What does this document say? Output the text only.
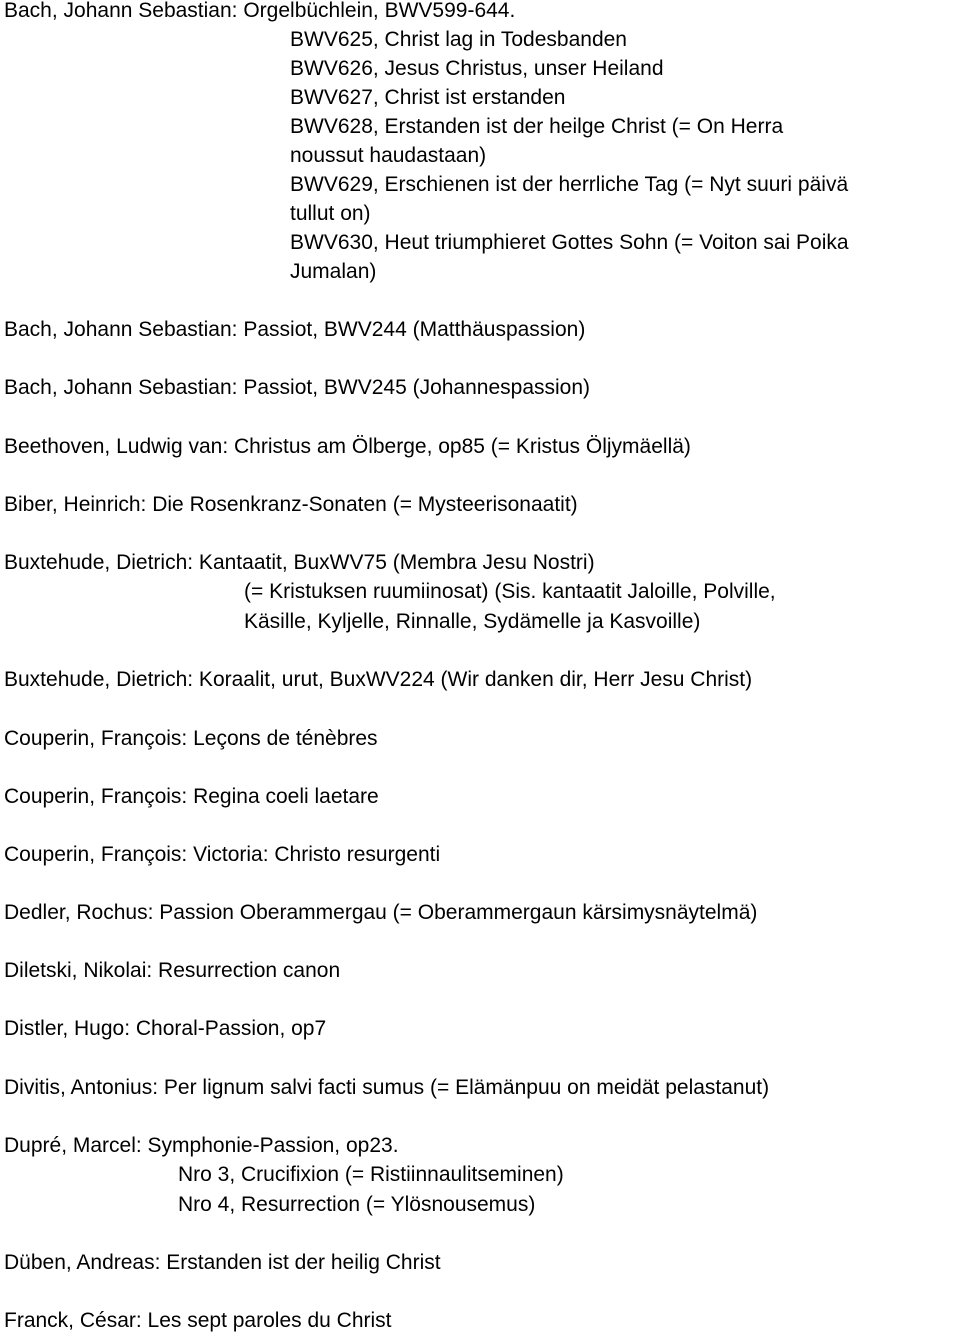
Bach, Johann Sebastian: Orgelbüchlein, BWV599-644.

BWV625, Christ lag in Todesbanden

BWV626, Jesus Christus, unser Heiland

BWV627, Christ ist erstanden

BWV628, Erstanden ist der heilge Christ (= On Herra

noussut haudastaan)

BWV629, Erschienen ist der herrliche Tag (= Nyt suuri päivä

tullut on)

BWV630, Heut triumphieret Gottes Sohn (= Voiton sai Poika

Jumalan)

Bach, Johann Sebastian: Passiot, BWV244 (Matthäuspassion)

Bach, Johann Sebastian: Passiot, BWV245 (Johannespassion)

Beethoven, Ludwig van: Christus am Ölberge, op85 (= Kristus Öljymäellä)

Biber, Heinrich: Die Rosenkranz-Sonaten (= Mysteerisonaatit)

Buxtehude, Dietrich: Kantaatit, BuxWV75 (Membra Jesu Nostri)

(= Kristuksen ruumiinosat) (Sis. kantaatit Jaloille, Polville,

Käsille, Kyljelle, Rinnalle, Sydämelle ja Kasvoille)

Buxtehude, Dietrich: Koraalit, urut, BuxWV224 (Wir danken dir, Herr Jesu Christ)

Couperin, François: Leçons de ténèbres

Couperin, François: Regina coeli laetare

Couperin, François: Victoria: Christo resurgenti

Dedler, Rochus: Passion Oberammergau (= Oberammergaun kärsimysnäytelmä)

Diletski, Nikolai: Resurrection canon

Distler, Hugo: Choral-Passion, op7

Divitis, Antonius: Per lignum salvi facti sumus (= Elämänpuu on meidät pelastanut)

Dupré, Marcel: Symphonie-Passion, op23.

Nro 3, Crucifixion (= Ristiinnaulitseminen)

Nro 4, Resurrection (= Ylösnousemus)

Düben, Andreas: Erstanden ist der heilig Christ

Franck, César: Les sept paroles du Christ
